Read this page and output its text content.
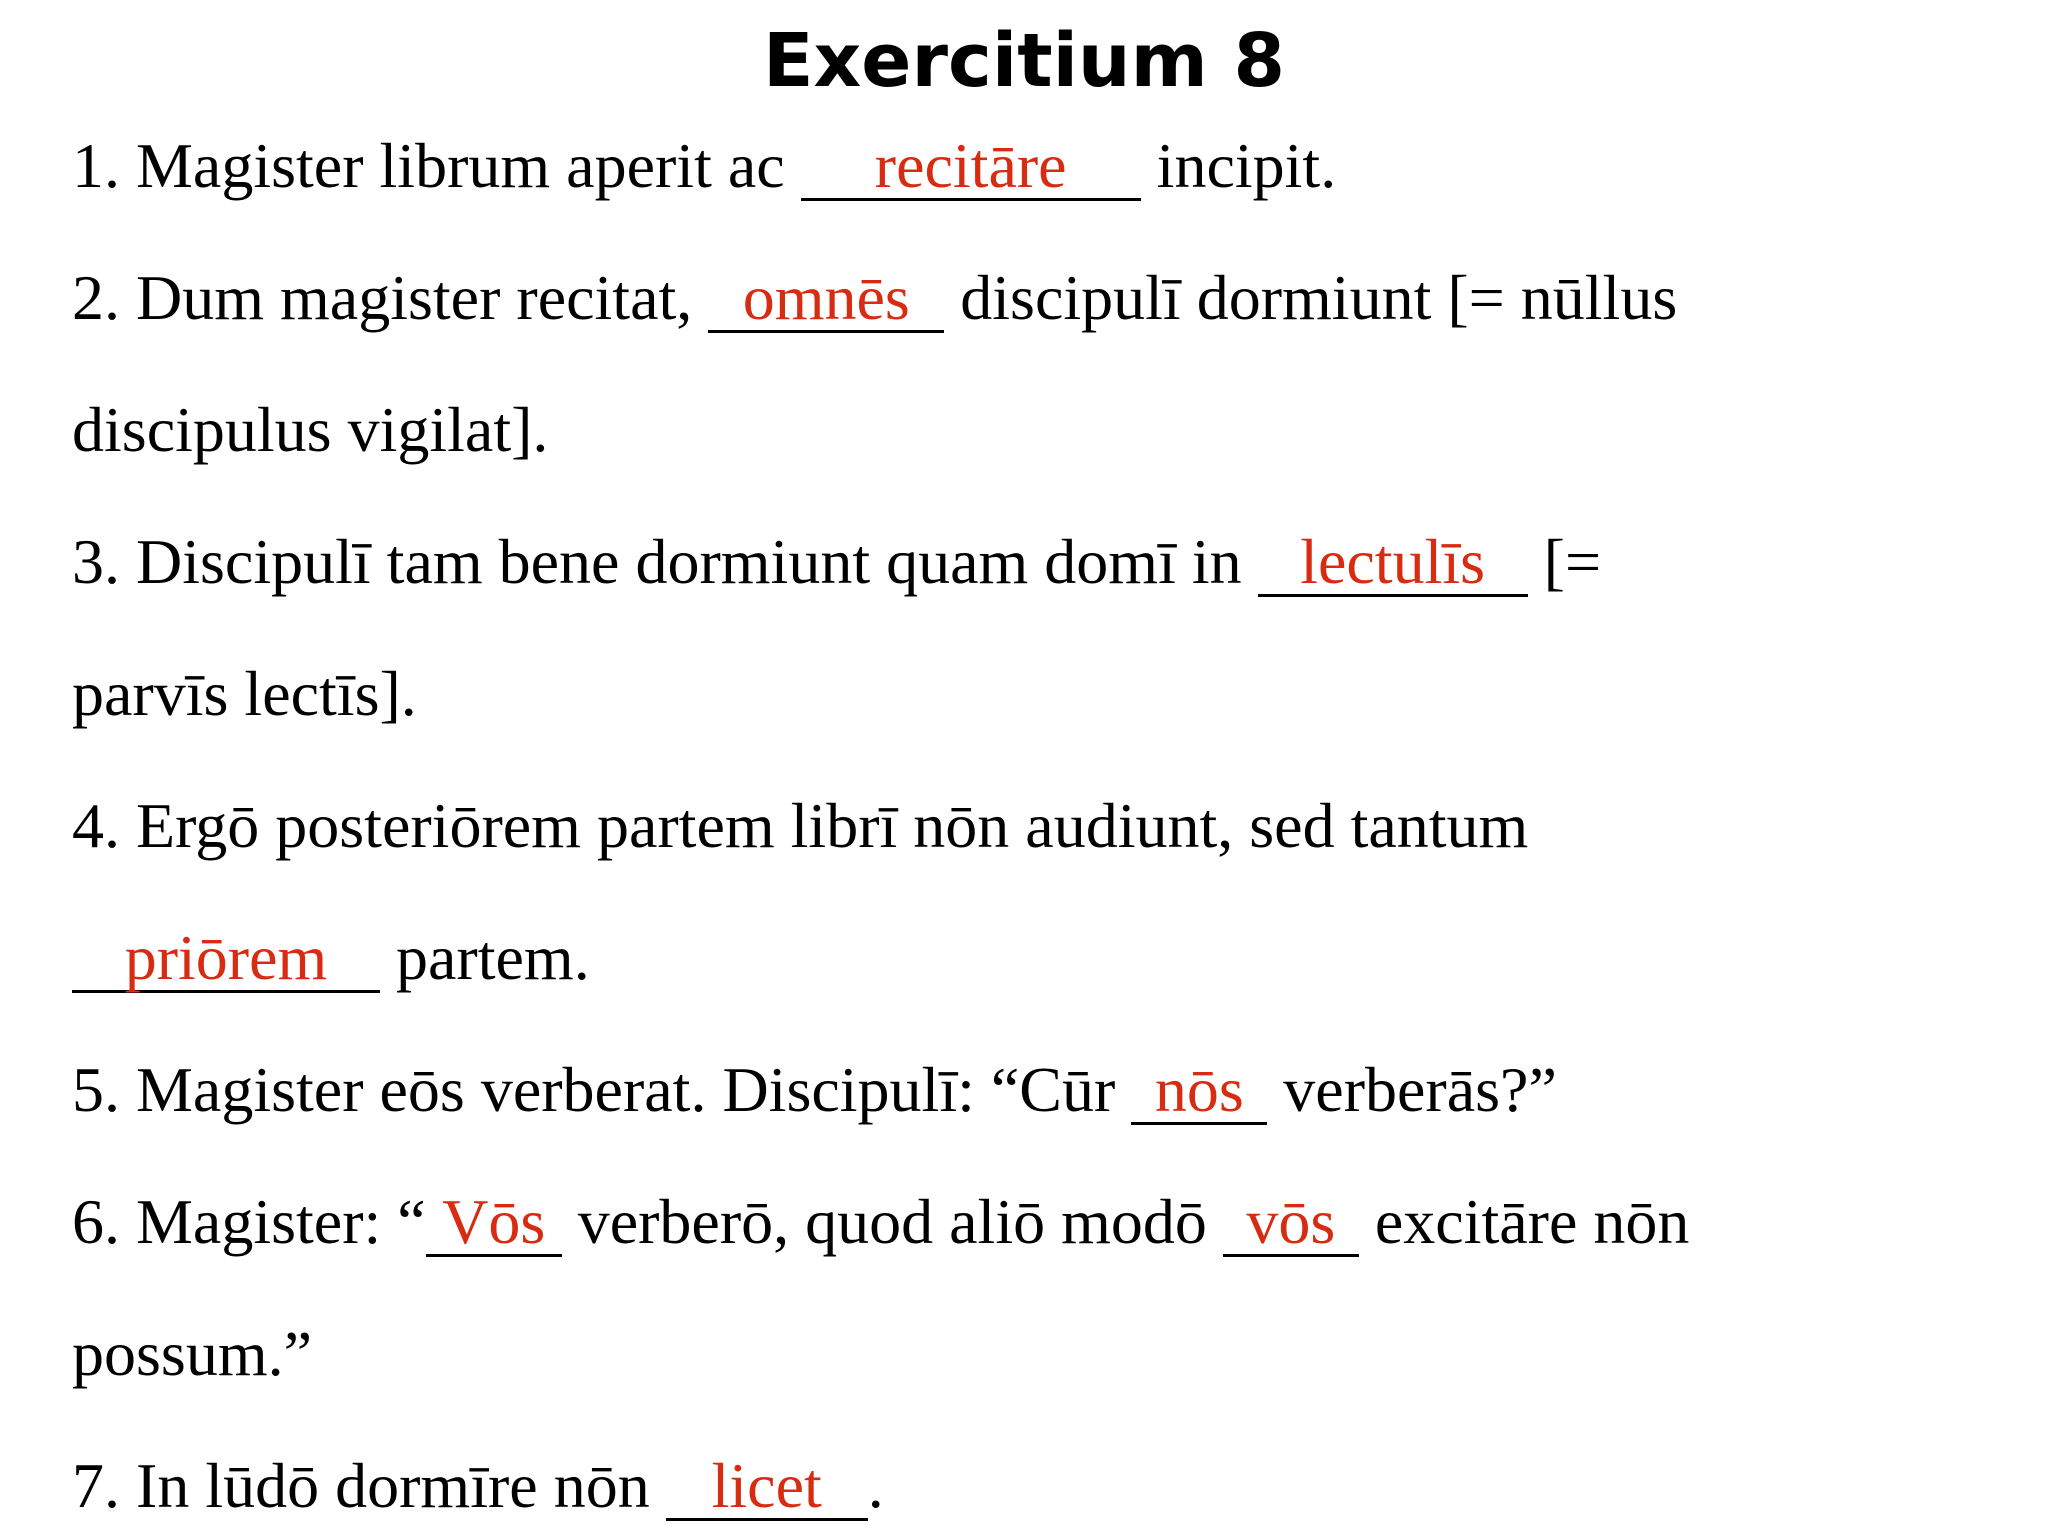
Exercitium 8
1. Magister librum aperit ac recitāre incipit.
2. Dum magister recitat, omnēs discipulī dormiunt [= nūllus
discipulus vigilat].
3. Discipulī tam bene dormiunt quam domī in lectulīs [=
parvīs lectīs].
4. Ergō posteriōrem partem librī nōn audiunt, sed tantum
priōrem partem.
5. Magister eōs verberat. Discipulī: “Cūr nōs verberās?”
6. Magister: “ Vōs verberō, quod aliō modō vōs excitāre nōn
possum.”
7. In lūdō dormīre nōn licet .
